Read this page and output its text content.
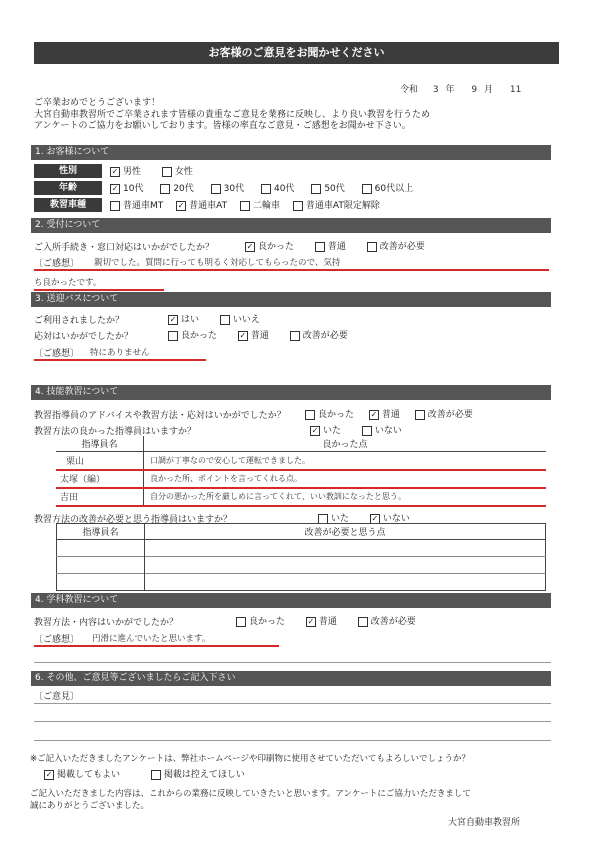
お客様のご意見をお聞かせください
令和 3 年 9 月 11
ご卒業おめでとうございます！
大宮自動車教習所でご卒業されます皆様の貴重なご意見を業務に反映し、より良い教習を行うため
アンケートのご協力をお願いしております。皆様の率直なご意見・ご感想をお聞かせ下さい。
1. お客様について
性別	✓ 男性	女性
年齢	✓ 10代	20代	30代	40代	50代	60代以上
教習車種	普通車MT ✓ 普通車AT	二輪車	普通車AT限定解除
2. 受付について
ご入所手続き・窓口対応はいかがでしたか？	✓ 良かった	普通	改善が必要
〔ご感想〕 親切でした。質問に行っても明るく対応してもらったので、気持
ち良かったです。
3. 送迎バスについて
ご利用されましたか？	✓ はい	いいえ
応対はいかがでしたか？	良かった	✓ 普通	改善が必要
〔ご感想〕 特にありません
4. 技能教習について
教習指導員のアドバイスや教習方法・応対はいかがでしたか？	良かった ✓ 普通	改善が必要
教習方法の良かった指導員はいますか？	✓ いた	いない
指導員名	良かった点
栗山	口調が丁寧なので安心して運転できました。
太塚（編）	良かった所、ポイントを言ってくれる点。
吉田	自分の悪かった所を厳しめに言ってくれて、いい教訓になったと思う。
教習方法の改善が必要と思う指導員はいますか？	いた	✓ いない
指導員名	改善が必要と思う点

4. 学科教習について
教習方法・内容はいかがでしたか？	良かった	✓ 普通	改善が必要
〔ご感想〕 円滑に進んでいたと思います。
6. その他、ご意見等ございましたらご記入下さい
〔ご意見〕
※ご記入いただきましたアンケートは、弊社ホームページや印刷物に使用させていただいてもよろしいでしょうか？
✓ 掲載してもよい	掲載は控えてほしい
ご記入いただきました内容は、これからの業務に反映していきたいと思います。アンケートにご協力いただきまして
誠にありがとうございました。
大宮自動車教習所
